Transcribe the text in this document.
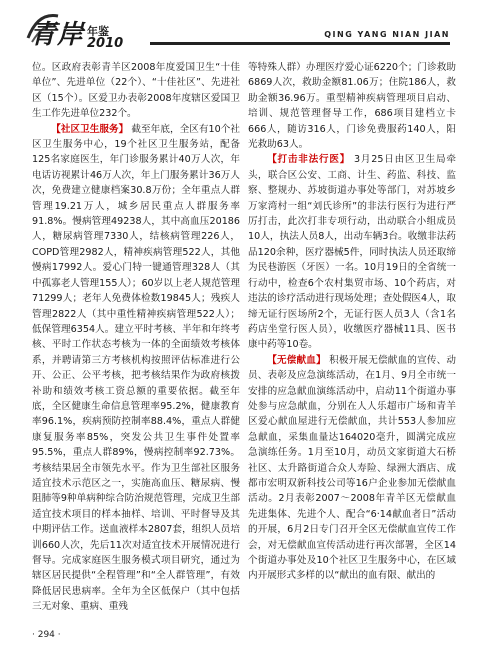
青岸 年鉴
2010
QING YANG NIAN JIAN

位。区政府表彰青羊区2008年度爱国卫生“十佳单位”、先进单位（22个）、“十佳社区”、先进社区（15个）。区爱卫办表彰2008年度辖区爱国卫生工作先进单位232个。

【社区卫生服务】 截至年底，全区有10个社区卫生服务中心，19个社区卫生服务站，配备125名家庭医生，年门诊服务累计40万人次，年电话访视累计46万人次，年上门服务累计36万人次，免费建立健康档案30.8万份；全年重点人群管理19.21万人，城乡居民重点人群服务率91.8%。慢病管理49238人，其中高血压20186人，糖尿病管理7330人，结核病管理226人，COPD管理2982人，精神疾病管理522人，其他慢病17992人。爱心门特一键通管理328人（其中孤寡老人管理155人）；60岁以上老人规范管理71299人；老年人免费体检数19845人；残疾人管理2822人（其中重性精神疾病管理522人）；低保管理6354人。建立平时考核、半年和年终考核、平时工作状态考核为一体的全面绩效考核体系，并聘请第三方考核机构按照评估标准进行公开、公正、公平考核，把考核结果作为政府核拨补助和绩效考核工资总额的重要依据。截至年底，全区健康生命信息管理率95.2%，健康教育率96.1%，疾病预防控制率88.4%，重点人群健康复服务率85%，突发公共卫生事件处置率95.5%，重点人群89%，慢病控制率92.73%。考核结果居全市领先水平。作为卫生部社区服务适宜技术示范区之一，实施高血压、糖尿病、慢阻肺等9种单病种综合防治规范管理，完成卫生部适宜技术项目的样本抽样、培训、平时督导及其中期评估工作。送血液样本2807套，组织人员培训660人次，先后11次对适宜技术开展情况进行督导。完成家庭医生服务模式项目研究，通过为辖区居民提供“全程管理”和“全人群管理”，有效降低居民患病率。全年为全区低保户（其中包括三无对象、重病、重残

等特殊人群）办理医疗爱心证6220个；门诊救助6869人次，救助金额81.06万；住院186人，救助金额36.96万。重型精神疾病管理项目启动、培训、规范管理督导工作，686项目建档立卡666人，随访316人，门诊免费服药140人，阳光救助63人。

【打击非法行医】 3月25日由区卫生局牵头，联合区公安、工商、计生、药监、科技、监察、整规办、苏坡街道办事处等部门，对苏坡乡万家湾村一组“刘氏诊所”的非法行医行为进行严厉打击，此次打非专项行动，出动联合小组成员10人，执法人员8人，出动车辆3台。收缴非法药品120余种，医疗器械5件，同时执法人员还取缔为民巷游医（牙医）一名。10月19日的全省统一行动中，检查6个农村集贸市场、10个药店，对违法的诊疗活动进行现场处理；查处假医4人，取缔无证行医场所2个，无证行医人员3人（含1名药店坐堂行医人员），收缴医疗器械11具、医书康中药等10卷。

【无偿献血】 积极开展无偿献血的宣传、动员、表彰及应急演练活动，在1月、9月全市统一安排的应急献血演练活动中，启动11个街道办事处参与应急献血，分别在人人乐超市广场和青羊区爱心献血屋进行无偿献血，共计553人参加应急献血，采集血量达164020毫升，圆满完成应急演练任务。1月至10月，动员文家街道大石桥社区、太升路街道合众人寿险、绿洲大酒店、成都市宏明双新科技公司等16户企业参加无偿献血活动。2月表彰2007～2008年青羊区无偿献血先进集体、先进个人、配合“6·14献血者日”活动的开展，6月2日专门召开全区无偿献血宣传工作会，对无偿献血宣传活动进行再次部署，全区14个街道办事处及10个社区卫生服务中心，在区域内开展形式多样的以“献出的血有限、献出的

· 294 ·
